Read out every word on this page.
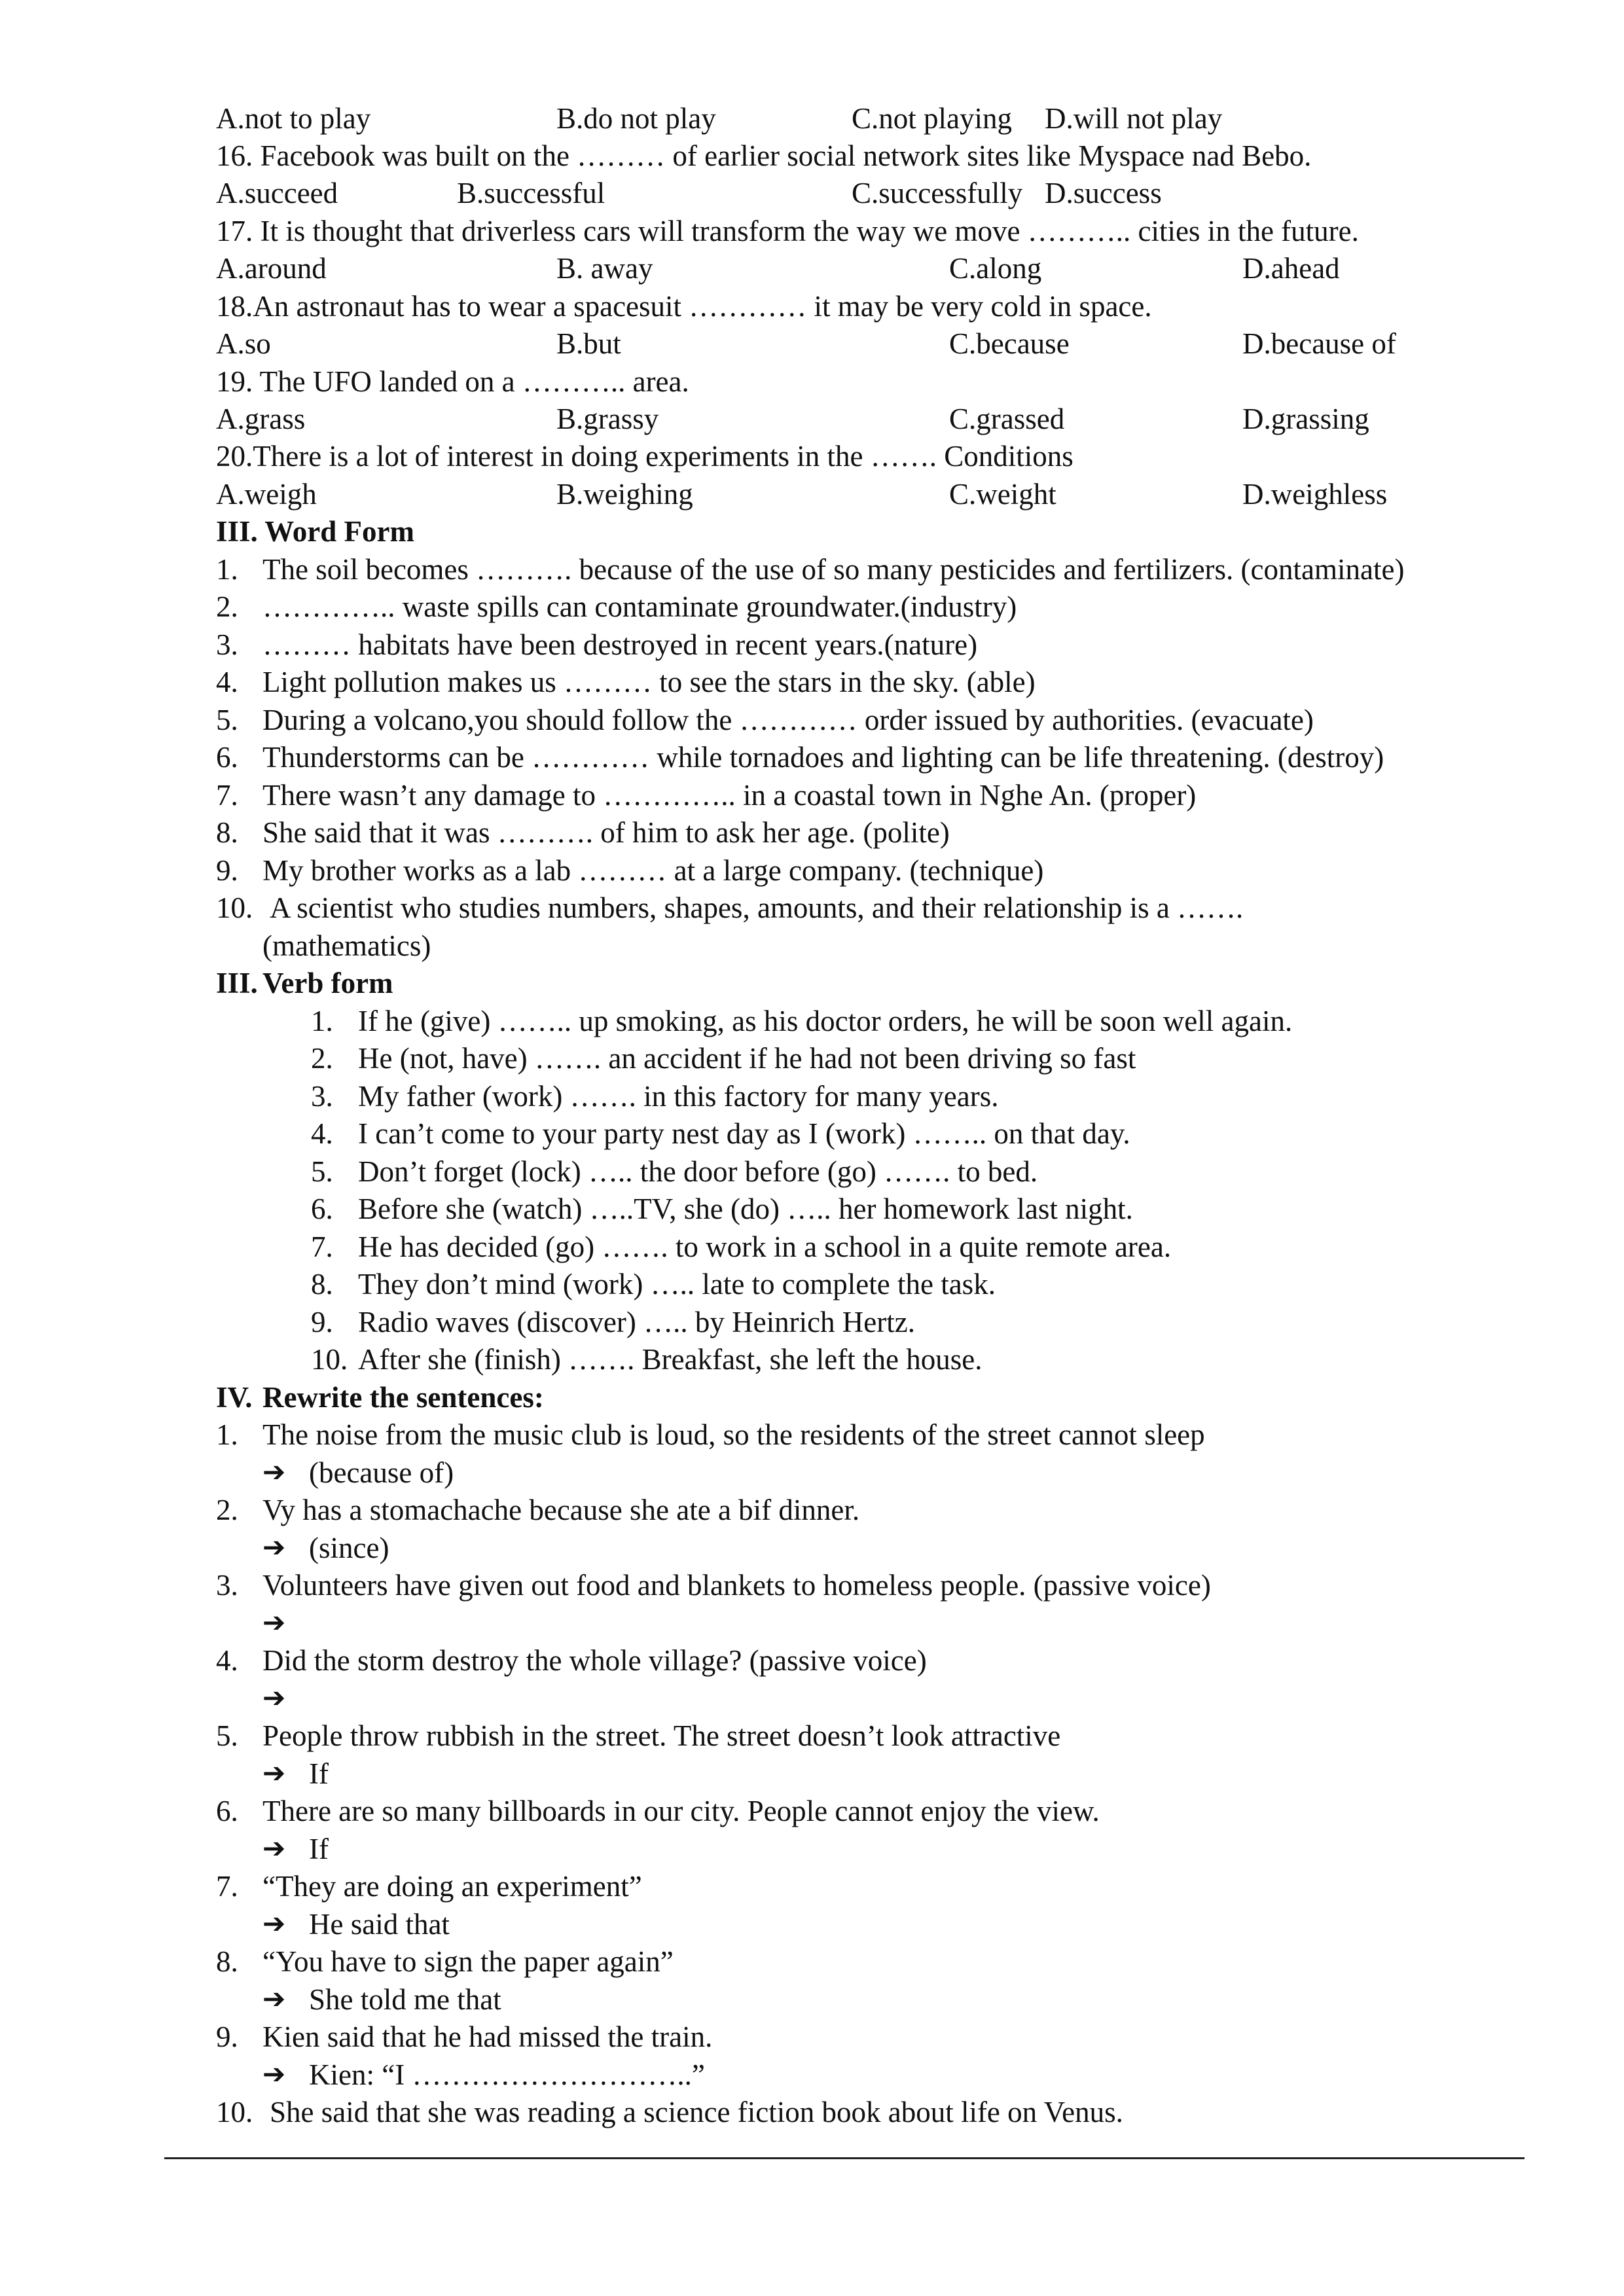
A.not to play	B.do not play	C.not playing D.will not play
16. Facebook was built on the ……… of earlier social network sites like Myspace nad Bebo.
A.succeed	B.successful	C.successfully D.success
17. It is thought that driverless cars will transform the way we move ……….. cities in the future.
A.around	B. away	C.along	D.ahead
18.An astronaut has to wear a spacesuit ………… it may be very cold in space.
A.so	B.but	C.because	D.because of
19. The UFO landed on a ……….. area.
A.grass	B.grassy	C.grassed	D.grassing
20.There is a lot of interest in doing experiments in the ……. Conditions
A.weigh	B.weighing	C.weight	D.weighless
III. Word Form
1. The soil becomes ………. because of the use of so many pesticides and fertilizers. (contaminate)
2. ………….. waste spills can contaminate groundwater.(industry)
3. ……… habitats have been destroyed in recent years.(nature)
4. Light pollution makes us ……… to see the stars in the sky. (able)
5. During a volcano,you should follow the ………… order issued by authorities. (evacuate)
6. Thunderstorms can be ………… while tornadoes and lighting can be life threatening. (destroy)
7. There wasn’t any damage to ………….. in a coastal town in Nghe An. (proper)
8. She said that it was ………. of him to ask her age. (polite)
9. My brother works as a lab ……… at a large company. (technique)
10. A scientist who studies numbers, shapes, amounts, and their relationship is a …….
(mathematics)
III. Verb form
1. If he (give) …….. up smoking, as his doctor orders, he will be soon well again.
2. He (not, have) ……. an accident if he had not been driving so fast
3. My father (work) ……. in this factory for many years.
4. I can’t come to your party nest day as I (work) …….. on that day.
5. Don’t forget (lock) ….. the door before (go) ……. to bed.
6. Before she (watch) …..TV, she (do) ….. her homework last night.
7. He has decided (go) ……. to work in a school in a quite remote area.
8. They don’t mind (work) ….. late to complete the task.
9. Radio waves (discover) ….. by Heinrich Hertz.
10. After she (finish) ……. Breakfast, she left the house.
IV. Rewrite the sentences:
1. The noise from the music club is loud, so the residents of the street cannot sleep
➔ (because of)
2. Vy has a stomachache because she ate a bif dinner.
➔ (since)
3. Volunteers have given out food and blankets to homeless people. (passive voice)
➔
4. Did the storm destroy the whole village? (passive voice)
➔
5. People throw rubbish in the street. The street doesn’t look attractive
➔ If
6. There are so many billboards in our city. People cannot enjoy the view.
➔ If
7. “They are doing an experiment”
➔ He said that
8. “You have to sign the paper again”
➔ She told me that
9. Kien said that he had missed the train.
➔ Kien: “I ………………………..”
10. She said that she was reading a science fiction book about life on Venus.
